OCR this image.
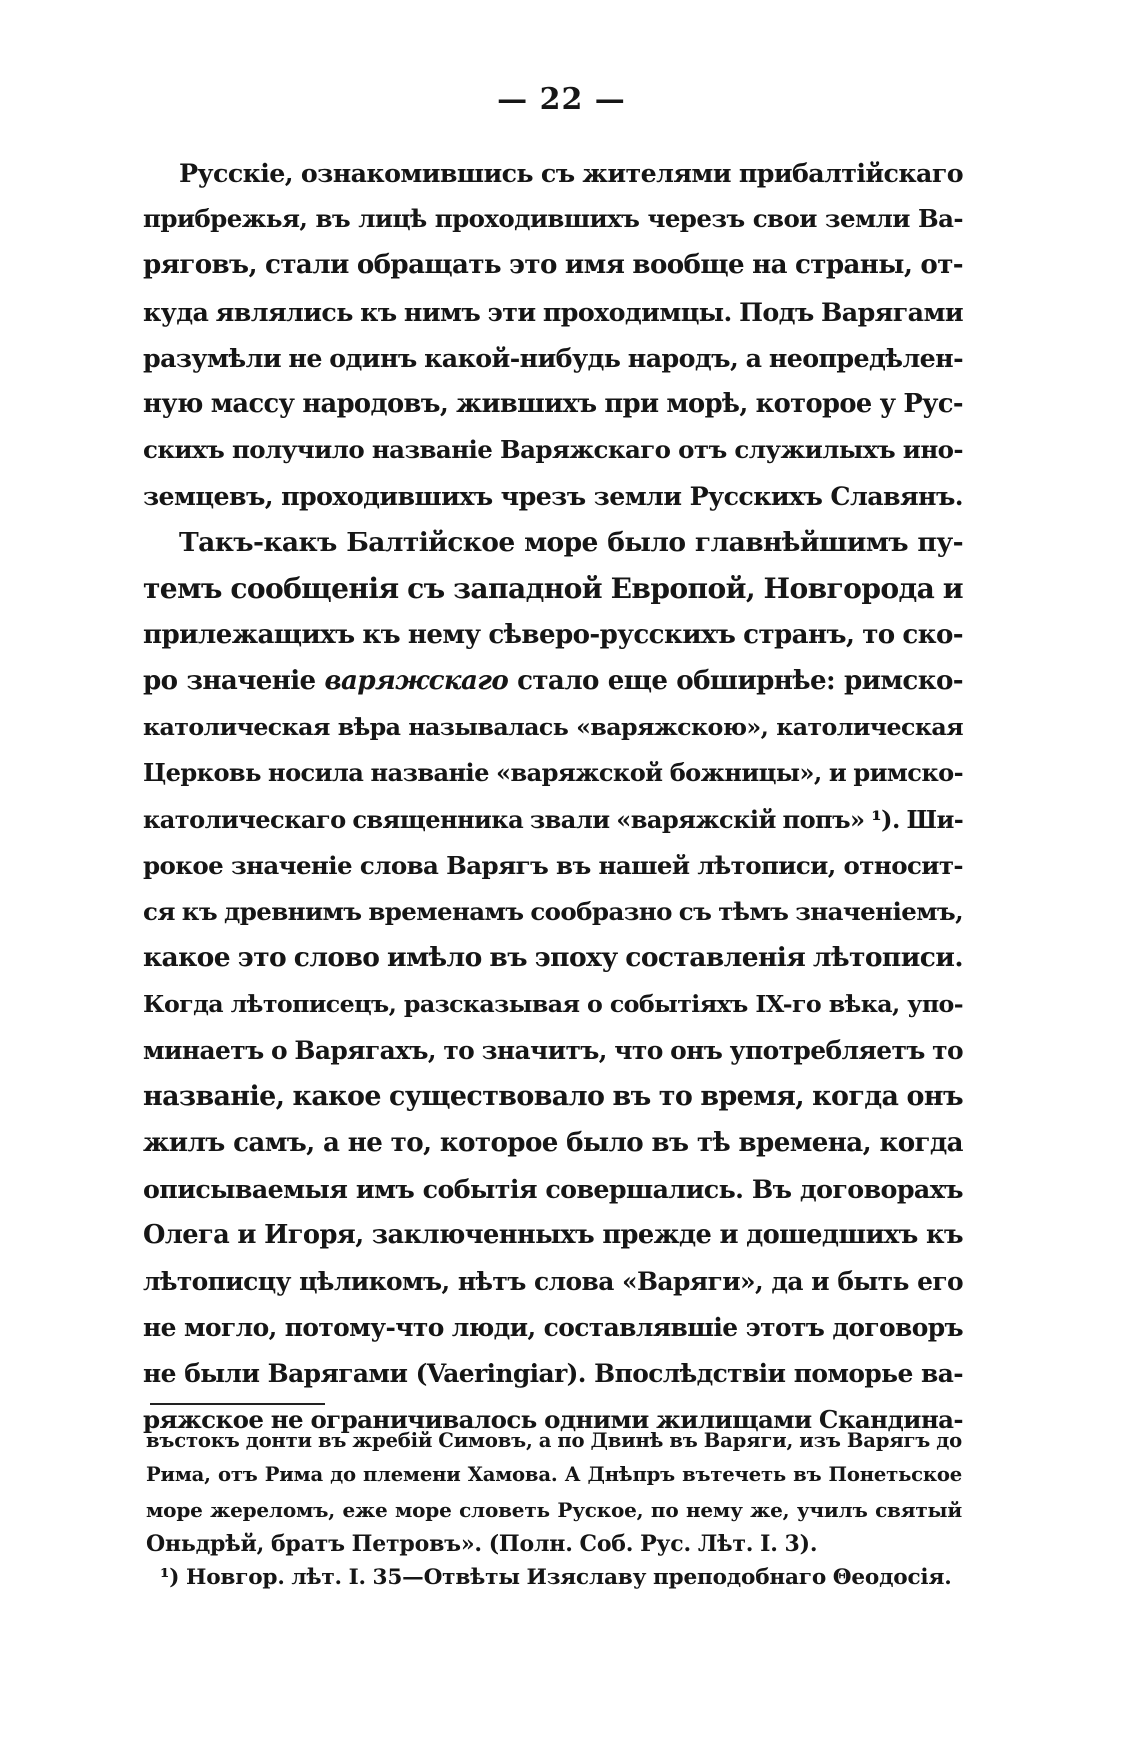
— 22 —
Русскіе, ознакомившись съ жителями прибалтійскаго
прибрежья, въ лицѣ проходившихъ черезъ свои земли Ва-
ряговъ, стали обращать это имя вообще на страны, от-
куда являлись къ нимъ эти проходимцы. Подъ Варягами
разумѣли не одинъ какой-нибудь народъ, а неопредѣлен-
ную массу народовъ, жившихъ при морѣ, которое у Рус-
скихъ получило названіе Варяжскаго отъ служилыхъ ино-
земцевъ, проходившихъ чрезъ земли Русскихъ Славянъ.
Такъ-какъ Балтійское море было главнѣйшимъ пу-
темъ сообщенія съ западной Европой, Новгорода и
прилежащихъ къ нему сѣверо-русскихъ странъ, то ско-
ро значеніе варяжскаго стало еще обширнѣе: римско-
католическая вѣра называлась «варяжскою», католическая
Церковь носила названіе «варяжской божницы», и римско-
католическаго священника звали «варяжскій попъ» ¹). Ши-
рокое значеніе слова Варягъ въ нашей лѣтописи, относит-
ся къ древнимъ временамъ сообразно съ тѣмъ значеніемъ,
какое это слово имѣло въ эпоху составленія лѣтописи.
Когда лѣтописецъ, разсказывая о событіяхъ IX-го вѣка, упо-
минаетъ о Варягахъ, то значитъ, что онъ употребляетъ то
названіе, какое существовало въ то время, когда онъ
жилъ самъ, а не то, которое было въ тѣ времена, когда
описываемыя имъ событія совершались. Въ договорахъ
Олега и Игоря, заключенныхъ прежде и дошедшихъ къ
лѣтописцу цѣликомъ, нѣтъ слова «Варяги», да и быть его
не могло, потому-что люди, составлявшіе этотъ договоръ
не были Варягами (Vaeringiar). Впослѣдствіи поморье ва-
ряжское не ограничивалось одними жилищами Скандина-
въстокъ донти въ жребій Симовъ, а по Двинѣ въ Варяги, изъ Варягъ до
Рима, отъ Рима до племени Хамова. А Днѣпръ вътечеть въ Понетьское
море жереломъ, еже море словеть Руское, по нему же, училъ святый
Оньдрѣй, братъ Петровъ». (Полн. Соб. Рус. Лѣт. I. 3).
¹) Новгор. лѣт. I. 35—Отвѣты Изяславу преподобнаго Θеодосія.
